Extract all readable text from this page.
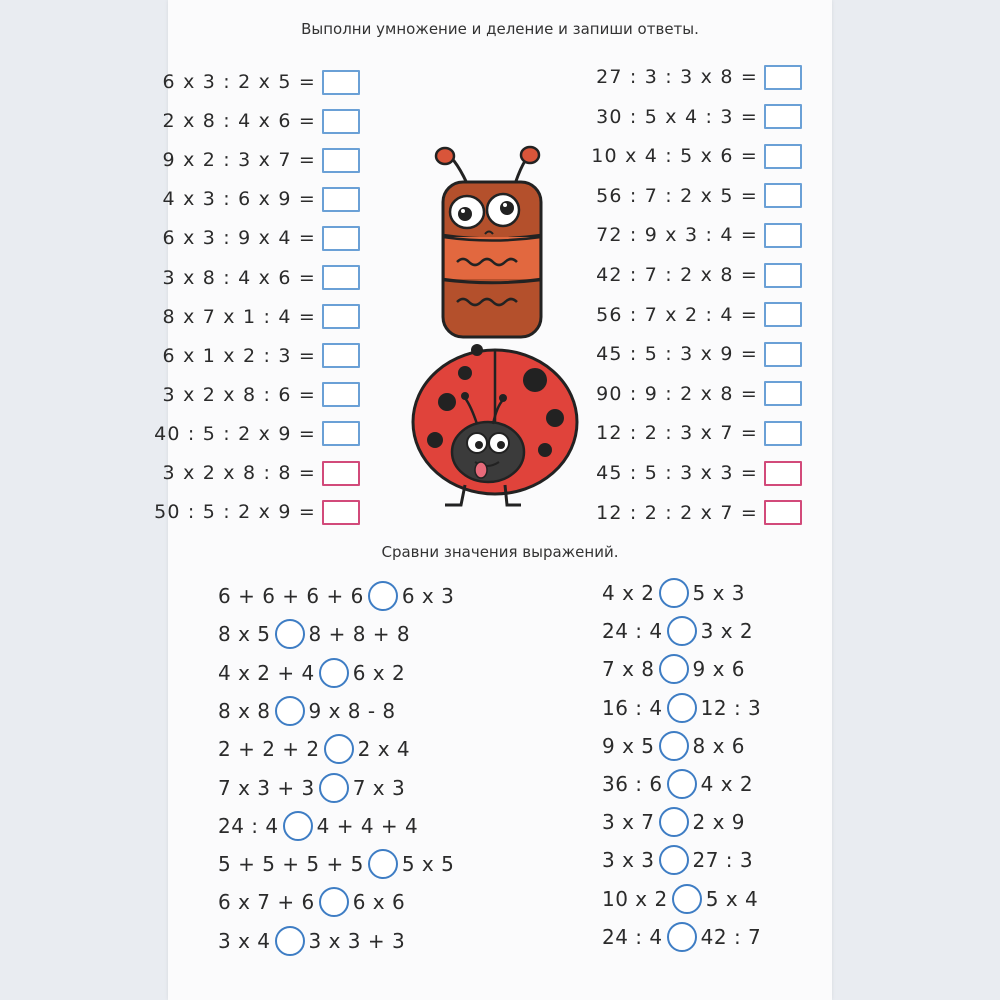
Выполни умножение и деление и запиши ответы.
6 x 3 : 2 x 5 =
2 x 8 : 4 x 6 =
9 x 2 : 3 x 7 =
4 x 3 : 6 x 9 =
6 x 3 : 9 x 4 =
3 x 8 : 4 x 6 =
8 x 7 x 1 : 4 =
6 x 1 x 2 : 3 =
3 x 2 x 8 : 6 =
40 : 5 : 2 x 9 =
3 x 2 x 8 : 8 =
50 : 5 : 2 x 9 =
27 : 3 : 3 x 8 =
30 : 5 x 4 : 3 =
10 x 4 : 5 x 6 =
56 : 7 : 2 x 5 =
72 : 9 x 3 : 4 =
42 : 7 : 2 x 8 =
56 : 7 x 2 : 4 =
45 : 5 : 3 x 9 =
90 : 9 : 2 x 8 =
12 : 2 : 3 x 7 =
45 : 5 : 3 x 3 =
12 : 2 : 2 x 7 =
Сравни значения выражений.
6 + 6 + 6 + 6 6 x 3
8 x 5 8 + 8 + 8
4 x 2 + 4 6 x 2
8 x 8 9 x 8 - 8
2 + 2 + 2 2 x 4
7 x 3 + 3 7 x 3
24 : 4 4 + 4 + 4
5 + 5 + 5 + 5 5 x 5
6 x 7 + 6 6 x 6
3 x 4 3 x 3 + 3
4 x 2 5 x 3
24 : 4 3 x 2
7 x 8 9 x 6
16 : 4 12 : 3
9 x 5 8 x 6
36 : 6 4 x 2
3 x 7 2 x 9
3 x 3 27 : 3
10 x 2 5 x 4
24 : 4 42 : 7
